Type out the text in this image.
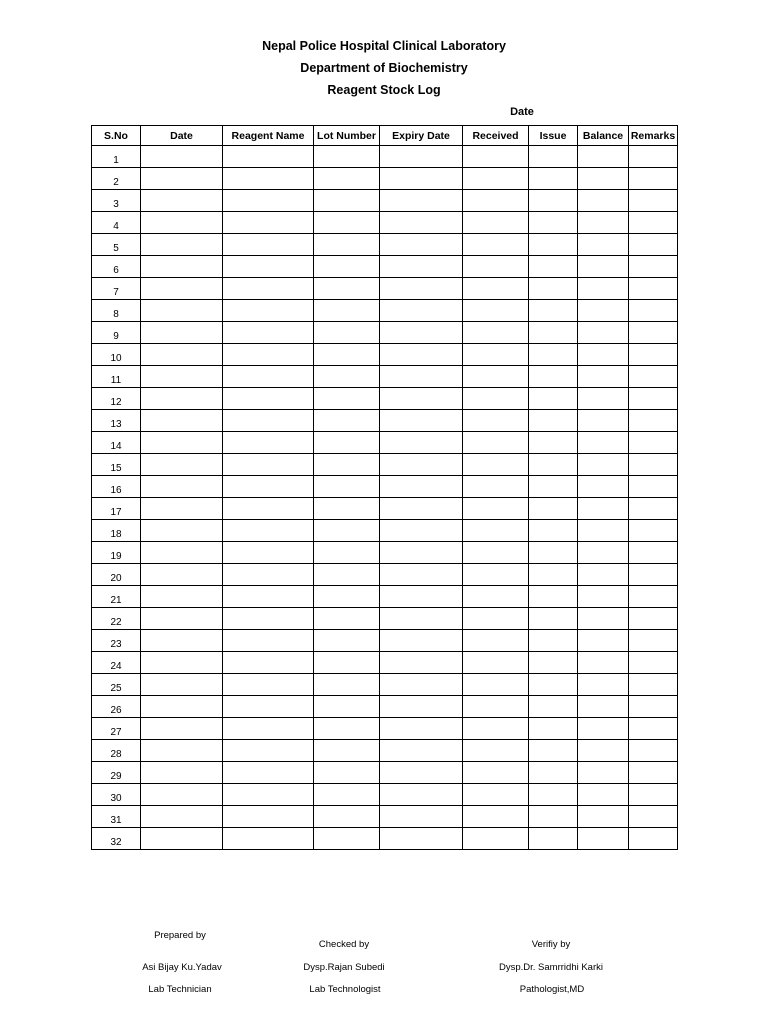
Nepal Police Hospital Clinical Laboratory
Department of Biochemistry
Reagent Stock Log
Date
S.No	Date	Reagent Name	Lot Number	Expiry Date	Received	Issue	Balance	Remarks
1								
2								
3								
4								
5								
6								
7								
8								
9								
10								
11								
12								
13								
14								
15								
16								
17								
18								
19								
20								
21								
22								
23								
24								
25								
26								
27								
28								
29								
30								
31								
32								
Prepared by
Asi Bijay Ku.Yadav
Lab Technician
Checked by
Dysp.Rajan Subedi
Lab Technologist
Verifiy by
Dysp.Dr. Samrridhi Karki
Pathologist,MD
